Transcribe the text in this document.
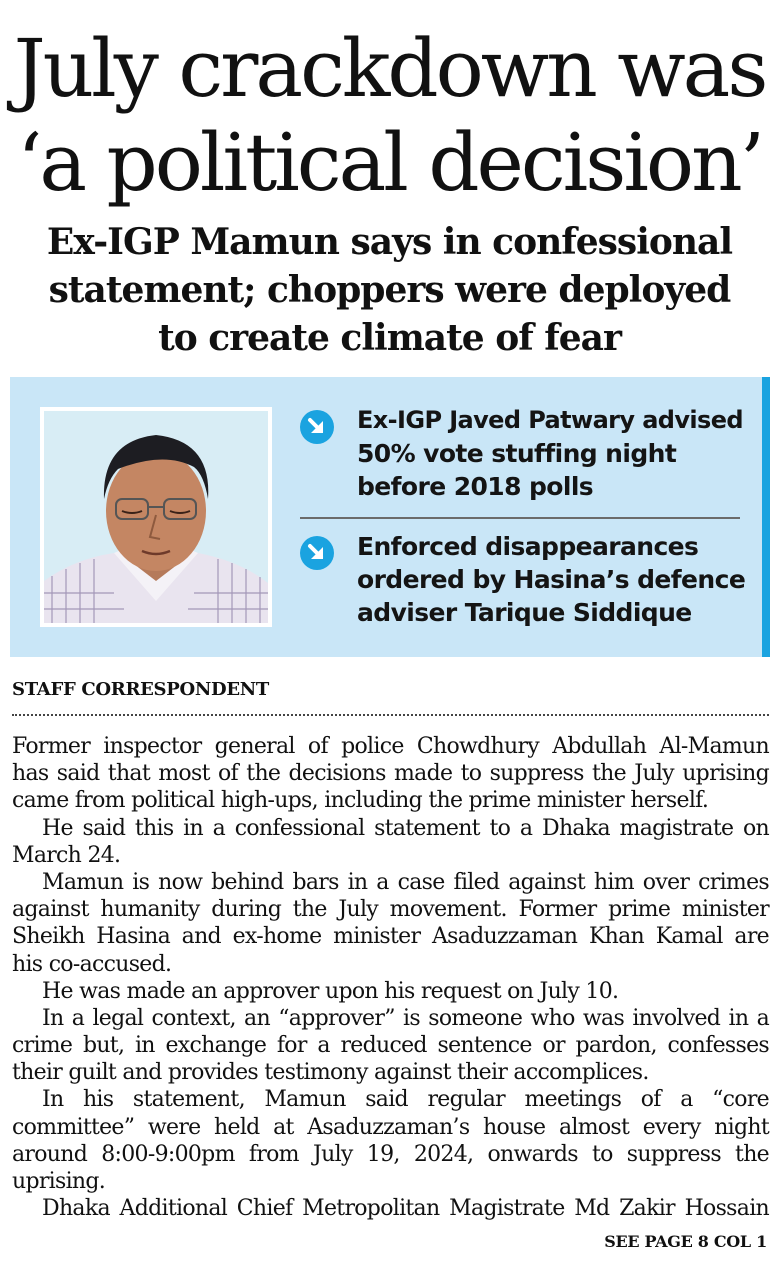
July crackdown was
‘a political decision’
Ex-IGP Mamun says in confessional
statement; choppers were deployed
to create climate of fear
Ex-IGP Javed Patwary advised
50% vote stuffing night
before 2018 polls
Enforced disappearances
ordered by Hasina’s defence
adviser Tarique Siddique

STAFF CORRESPONDENT

Former inspector general of police Chowdhury Abdullah Al-Mamun
has said that most of the decisions made to suppress the July uprising
came from political high-ups, including the prime minister herself.
He said this in a confessional statement to a Dhaka magistrate on
March 24.
Mamun is now behind bars in a case filed against him over crimes
against humanity during the July movement. Former prime minister
Sheikh Hasina and ex-home minister Asaduzzaman Khan Kamal are
his co-accused.
He was made an approver upon his request on July 10.
In a legal context, an “approver” is someone who was involved in a
crime but, in exchange for a reduced sentence or pardon, confesses
their guilt and provides testimony against their accomplices.
In his statement, Mamun said regular meetings of a “core
committee” were held at Asaduzzaman’s house almost every night
around 8:00-9:00pm from July 19, 2024, onwards to suppress the
uprising.
Dhaka Additional Chief Metropolitan Magistrate Md Zakir Hossain
SEE PAGE 8 COL 1
